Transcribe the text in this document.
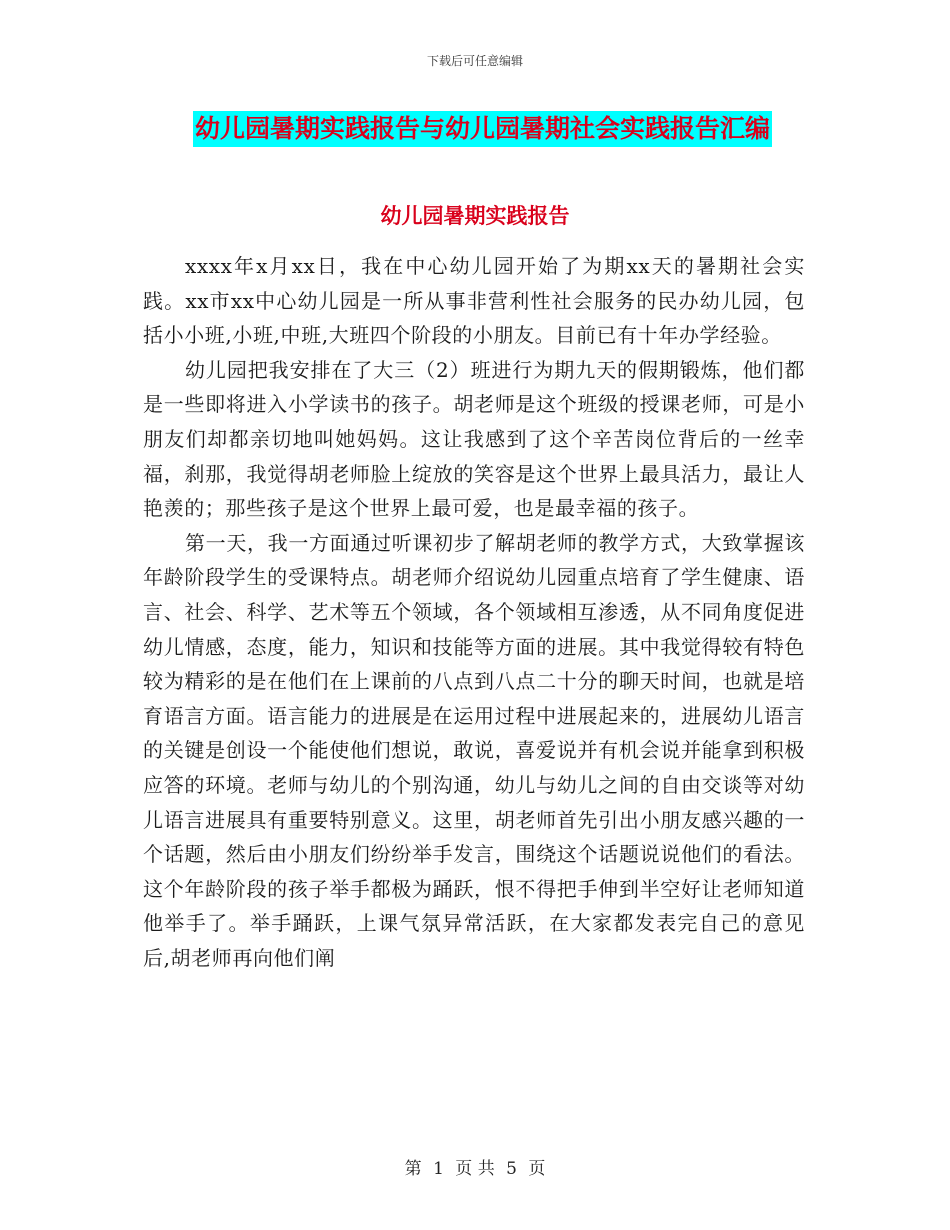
下载后可任意编辑
幼儿园暑期实践报告与幼儿园暑期社会实践报告汇编
幼儿园暑期实践报告

xxxx年x月xx日，我在中心幼儿园开始了为期xx天的暑期社会实践。xx市xx中心幼儿园是一所从事非营利性社会服务的民办幼儿园，包括小小班,小班,中班,大班四个阶段的小朋友。目前已有十年办学经验。

幼儿园把我安排在了大三（2）班进行为期九天的假期锻炼，他们都是一些即将进入小学读书的孩子。胡老师是这个班级的授课老师，可是小朋友们却都亲切地叫她妈妈。这让我感到了这个辛苦岗位背后的一丝幸福，刹那，我觉得胡老师脸上绽放的笑容是这个世界上最具活力，最让人艳羡的；那些孩子是这个世界上最可爱，也是最幸福的孩子。

第一天，我一方面通过听课初步了解胡老师的教学方式，大致掌握该年龄阶段学生的受课特点。胡老师介绍说幼儿园重点培育了学生健康、语言、社会、科学、艺术等五个领域，各个领域相互渗透，从不同角度促进幼儿情感，态度，能力，知识和技能等方面的进展。其中我觉得较有特色较为精彩的是在他们在上课前的八点到八点二十分的聊天时间，也就是培育语言方面。语言能力的进展是在运用过程中进展起来的，进展幼儿语言的关键是创设一个能使他们想说，敢说，喜爱说并有机会说并能拿到积极应答的环境。老师与幼儿的个别沟通，幼儿与幼儿之间的自由交谈等对幼儿语言进展具有重要特别意义。这里，胡老师首先引出小朋友感兴趣的一个话题，然后由小朋友们纷纷举手发言，围绕这个话题说说他们的看法。这个年龄阶段的孩子举手都极为踊跃，恨不得把手伸到半空好让老师知道他举手了。举手踊跃，上课气氛异常活跃，在大家都发表完自己的意见后,胡老师再向他们阐

第 1 页 共 5 页
